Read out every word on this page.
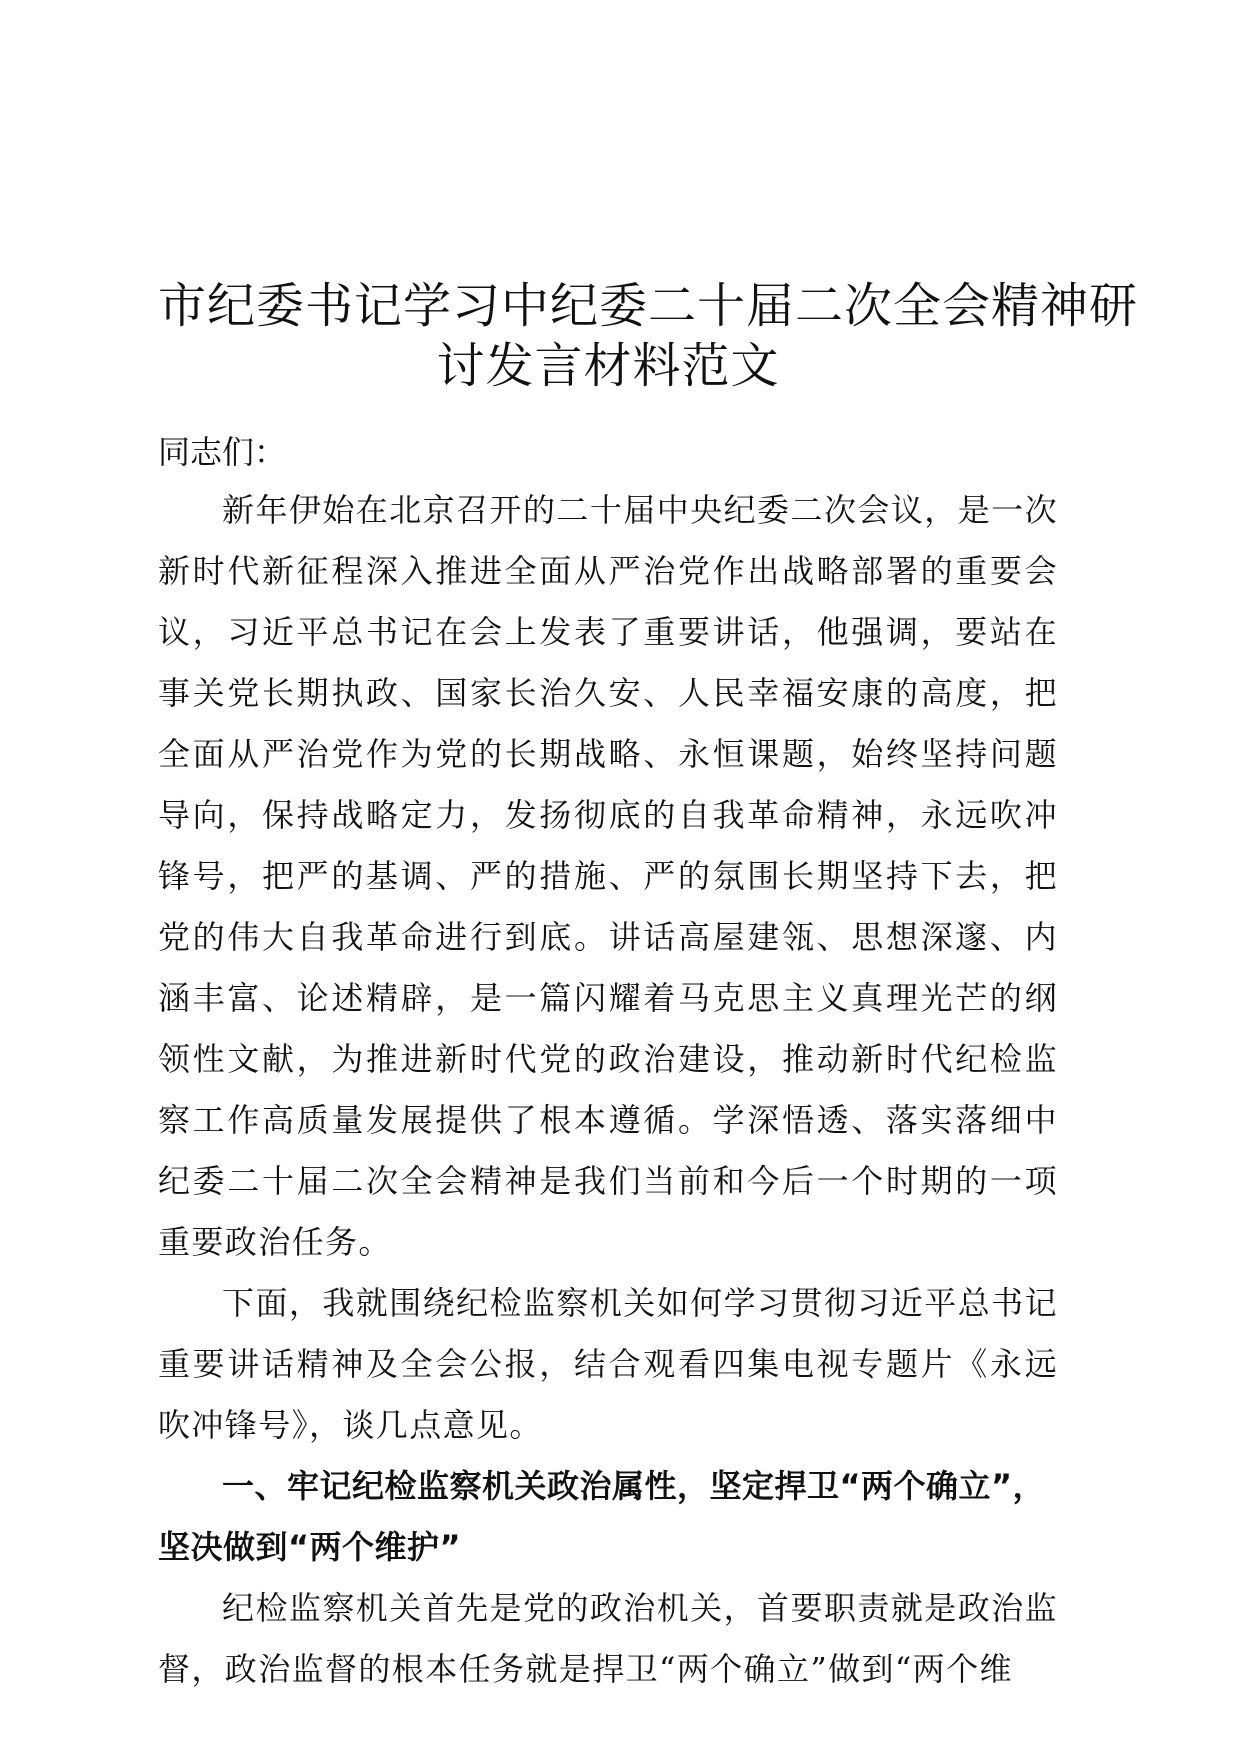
市纪委书记学习中纪委二十届二次全会精神研
讨发言材料范文

同志们：

新年伊始在北京召开的二十届中央纪委二次会议，是一次新时代新征程深入推进全面从严治党作出战略部署的重要会议，习近平总书记在会上发表了重要讲话，他强调，要站在事关党长期执政、国家长治久安、人民幸福安康的高度，把全面从严治党作为党的长期战略、永恒课题，始终坚持问题导向，保持战略定力，发扬彻底的自我革命精神，永远吹冲锋号，把严的基调、严的措施、严的氛围长期坚持下去，把党的伟大自我革命进行到底。讲话高屋建瓴、思想深邃、内涵丰富、论述精辟，是一篇闪耀着马克思主义真理光芒的纲领性文献，为推进新时代党的政治建设，推动新时代纪检监察工作高质量发展提供了根本遵循。学深悟透、落实落细中纪委二十届二次全会精神是我们当前和今后一个时期的一项重要政治任务。

下面，我就围绕纪检监察机关如何学习贯彻习近平总书记重要讲话精神及全会公报，结合观看四集电视专题片《永远吹冲锋号》，谈几点意见。

一、牢记纪检监察机关政治属性，坚定捍卫“两个确立”，坚决做到“两个维护”

纪检监察机关首先是党的政治机关，首要职责就是政治监督，政治监督的根本任务就是捍卫“两个确立”做到“两个维
